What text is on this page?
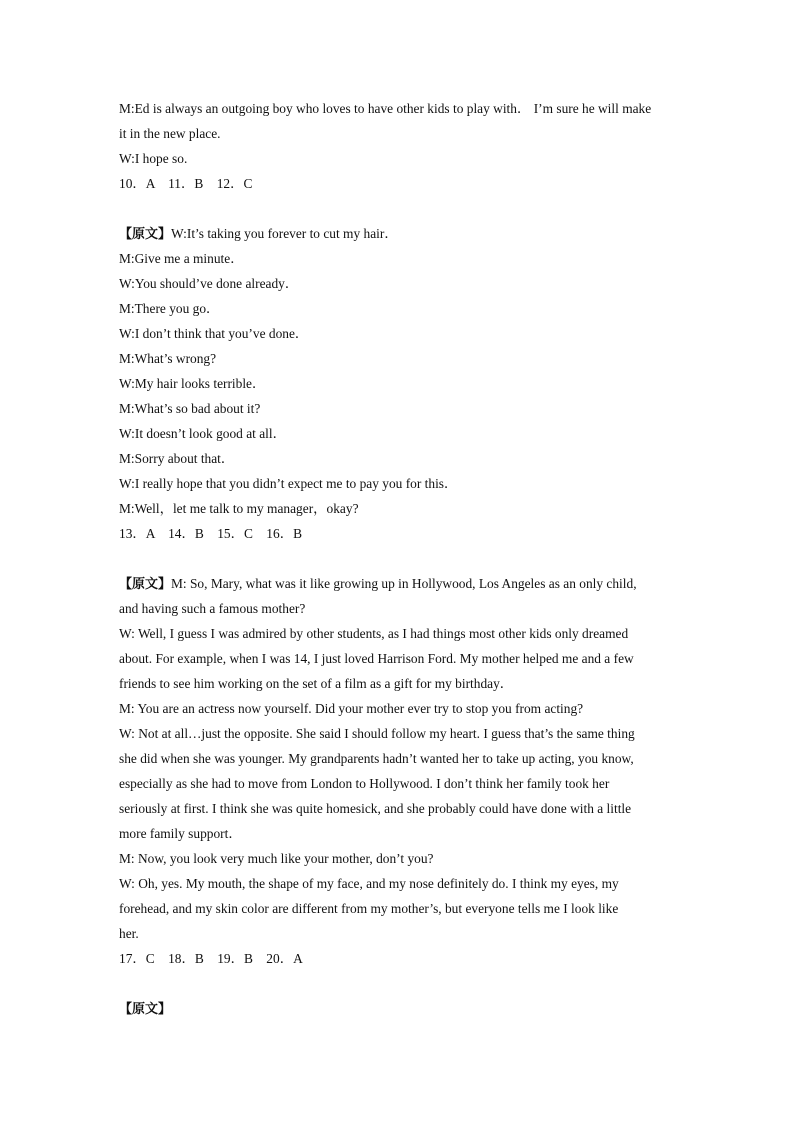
M:Ed is always an outgoing boy who loves to have other kids to play with． I’m sure he will make
it in the new place.
W:I hope so.
10．A　11．B　12．C
【原文】W:It’s taking you forever to cut my hair．
M:Give me a minute．
W:You should’ve done already．
M:There you go．
W:I don’t think that you’ve done．
M:What’s wrong?
W:My hair looks terrible．
M:What’s so bad about it?
W:It doesn’t look good at all．
M:Sorry about that．
W:I really hope that you didn’t expect me to pay you for this．
M:Well，let me talk to my manager，okay?
13．A　14．B　15．C　16．B
【原文】M: So, Mary, what was it like growing up in Hollywood, Los Angeles as an only child,
and having such a famous mother?
W: Well, I guess I was admired by other students, as I had things most other kids only dreamed
about. For example, when I was 14, I just loved Harrison Ford. My mother helped me and a few
friends to see him working on the set of a film as a gift for my birthday．
M: You are an actress now yourself. Did your mother ever try to stop you from acting?
W: Not at all…just the opposite. She said I should follow my heart. I guess that’s the same thing
she did when she was younger. My grandparents hadn’t wanted her to take up acting, you know,
especially as she had to move from London to Hollywood. I don’t think her family took her
seriously at first. I think she was quite homesick, and she probably could have done with a little
more family support．
M: Now, you look very much like your mother, don’t you?
W: Oh, yes. My mouth, the shape of my face, and my nose definitely do. I think my eyes, my
forehead, and my skin color are different from my mother’s, but everyone tells me I look like
her.
17．C　18．B　19．B　20．A
【原文】
